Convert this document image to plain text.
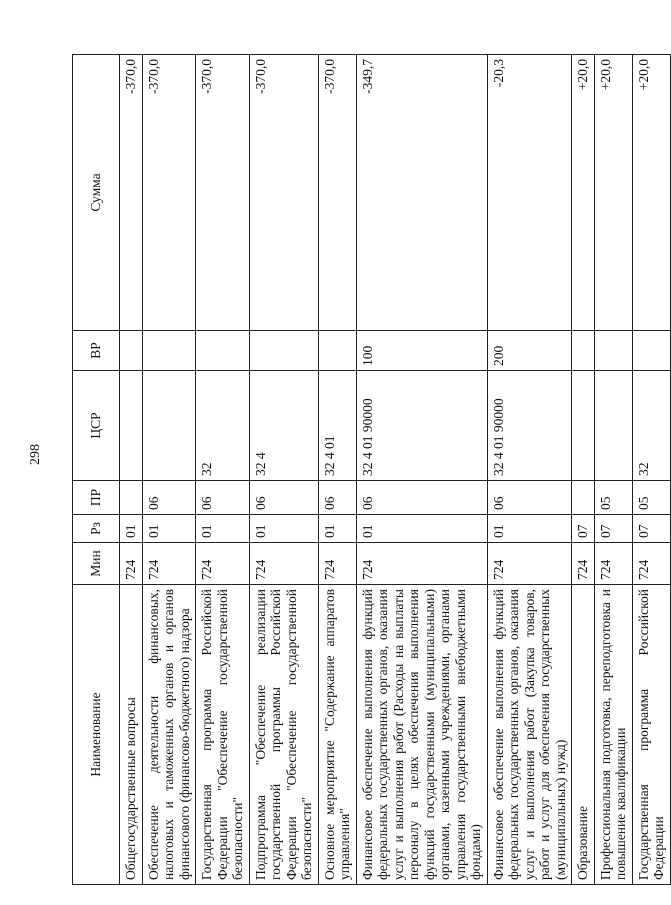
298
Наименование	Мин	Рз	ПР	ЦСР	ВР	Сумма
Общегосударственные вопросы	724	01				-370,0
Обеспечение деятельности финансовых, налоговых и таможенных органов и органов финансового (финансово-бюджетного) надзора	724	01	06			-370,0
Государственная программа Российской Федерации "Обеспечение государственной безопасности"	724	01	06	32		-370,0
Подпрограмма "Обеспечение реализации государственной программы Российской Федерации "Обеспечение государственной безопасности"	724	01	06	32 4		-370,0
Основное мероприятие "Содержание аппаратов управления"	724	01	06	32 4 01		-370,0
Финансовое обеспечение выполнения функций федеральных государственных органов, оказания услуг и выполнения работ (Расходы на выплаты персоналу в целях обеспечения выполнения функций государственными (муниципальными) органами, казенными учреждениями, органами управления государственными внебюджетными фондами)	724	01	06	32 4 01 90000	100	-349,7
Финансовое обеспечение выполнения функций федеральных государственных органов, оказания услуг и выполнения работ (Закупка товаров, работ и услуг для обеспечения государственных (муниципальных) нужд)	724	01	06	32 4 01 90000	200	-20,3
Образование	724	07				+20,0
Профессиональная подготовка, переподготовка и повышение квалификации	724	07	05			+20,0
Государственная программа Российской Федерации	724	07	05	32		+20,0
